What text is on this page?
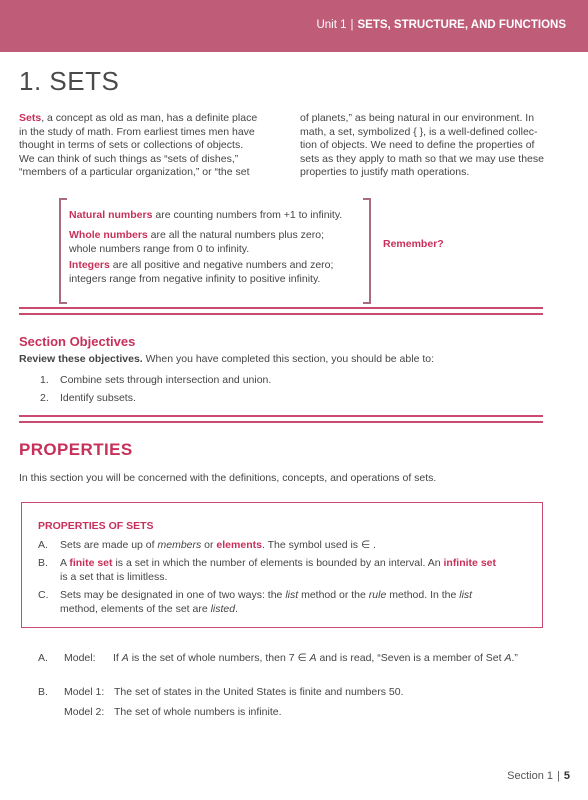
Unit 1 | SETS, STRUCTURE, AND FUNCTIONS
1. SETS
Sets, a concept as old as man, has a definite place
in the study of math. From earliest times men have
thought in terms of sets or collections of objects.
We can think of such things as “sets of dishes,”
“members of a particular organization,” or “the set
of planets,” as being natural in our environment. In
math, a set, symbolized { }, is a well-defined collec-
tion of objects. We need to define the properties of
sets as they apply to math so that we may use these
properties to justify math operations.
Natural numbers are counting numbers from +1 to infinity.
Whole numbers are all the natural numbers plus zero;
whole numbers range from 0 to infinity.
Integers are all positive and negative numbers and zero;
integers range from negative infinity to positive infinity.
Remember?
Section Objectives
Review these objectives. When you have completed this section, you should be able to:
1. Combine sets through intersection and union.
2. Identify subsets.
PROPERTIES
In this section you will be concerned with the definitions, concepts, and operations of sets.
PROPERTIES OF SETS
A.	Sets are made up of members or elements. The symbol used is ∈ .
B.	A finite set is a set in which the number of elements is bounded by an interval. An infinite set
is a set that is limitless.
C.	Sets may be designated in one of two ways: the list method or the rule method. In the list
method, elements of the set are listed.
A. Model: If A is the set of whole numbers, then 7 ∈ A and is read, “Seven is a member of Set A.”
B. Model 1: The set of states in the United States is finite and numbers 50.
Model 2: The set of whole numbers is infinite.
Section 1 | 5
